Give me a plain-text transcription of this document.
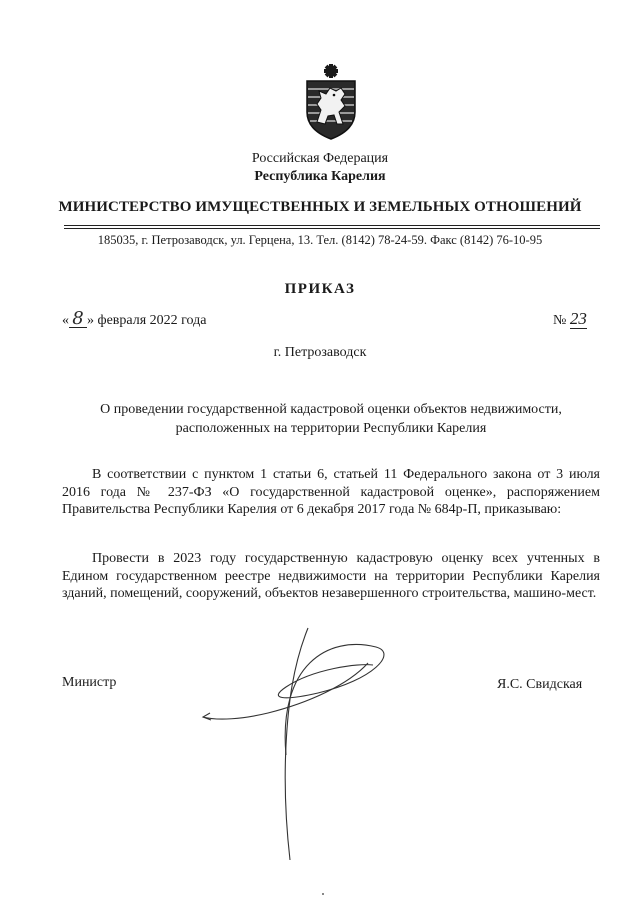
Российская Федерация
Республика Карелия
МИНИСТЕРСТВО ИМУЩЕСТВЕННЫХ И ЗЕМЕЛЬНЫХ ОТНОШЕНИЙ
185035, г. Петрозаводск, ул. Герцена, 13. Тел. (8142) 78-24-59. Факс (8142) 76-10-95
ПРИКАЗ
« 8 » февраля 2022 года	№ 23
г. Петрозаводск
О проведении государственной кадастровой оценки объектов недвижимости, расположенных на территории Республики Карелия
В соответствии с пунктом 1 статьи 6, статьей 11 Федерального закона от 3 июля 2016 года № 237-ФЗ «О государственной кадастровой оценке», распоряжением Правительства Республики Карелия от 6 декабря 2017 года № 684р-П, приказываю:
Провести в 2023 году государственную кадастровую оценку всех учтенных в Едином государственном реестре недвижимости на территории Республики Карелия зданий, помещений, сооружений, объектов незавершенного строительства, машино-мест.
Министр	Я.С. Свидская
